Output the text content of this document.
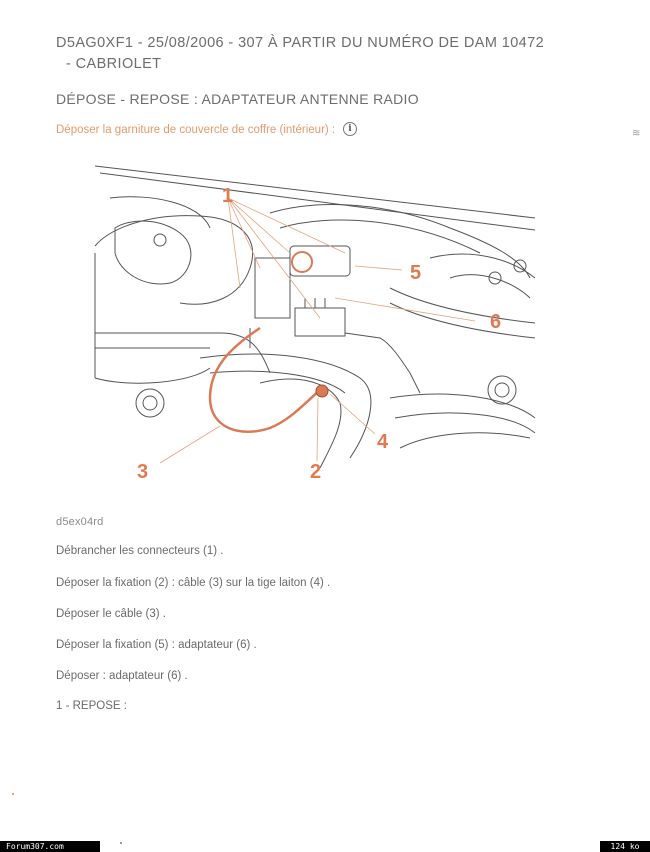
D5AG0XF1 - 25/08/2006 - 307 À PARTIR DU NUMÉRO DE DAM 10472
- CABRIOLET
DÉPOSE - REPOSE : ADAPTATEUR ANTENNE RADIO
Déposer la garniture de couvercle de coffre (intérieur) :	i	≋
1
2
3
4
5
6
d5ex04rd
Débrancher les connecteurs (1) .
Déposer la fixation (2) : câble (3) sur la tige laiton (4) .
Déposer le câble (3) .
Déposer la fixation (5) : adaptateur (6) .
Déposer : adaptateur (6) .
1 - REPOSE :
Forum307.com	124 ko
